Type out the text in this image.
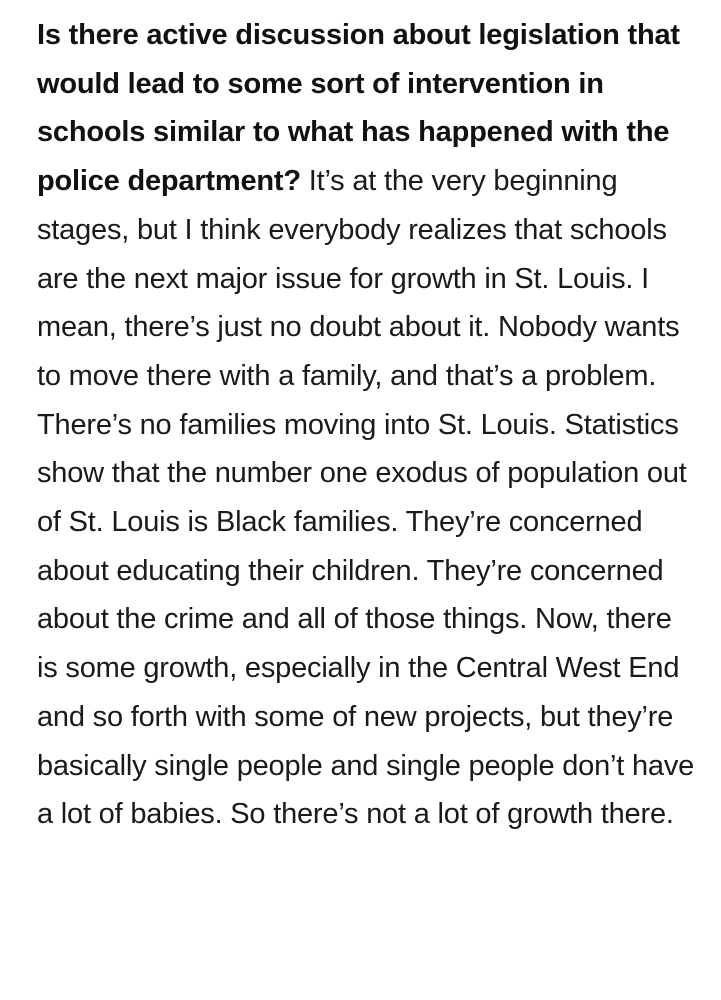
Is there active discussion about legislation that would lead to some sort of intervention in schools similar to what has happened with the police department? It’s at the very beginning stages, but I think everybody realizes that schools are the next major issue for growth in St. Louis. I mean, there’s just no doubt about it. Nobody wants to move there with a family, and that’s a problem. There’s no families moving into St. Louis. Statistics show that the number one exodus of population out of St. Louis is Black families. They’re concerned about educating their children. They’re concerned about the crime and all of those things. Now, there is some growth, especially in the Central West End and so forth with some of new projects, but they’re basically single people and single people don’t have a lot of babies. So there’s not a lot of growth there.
